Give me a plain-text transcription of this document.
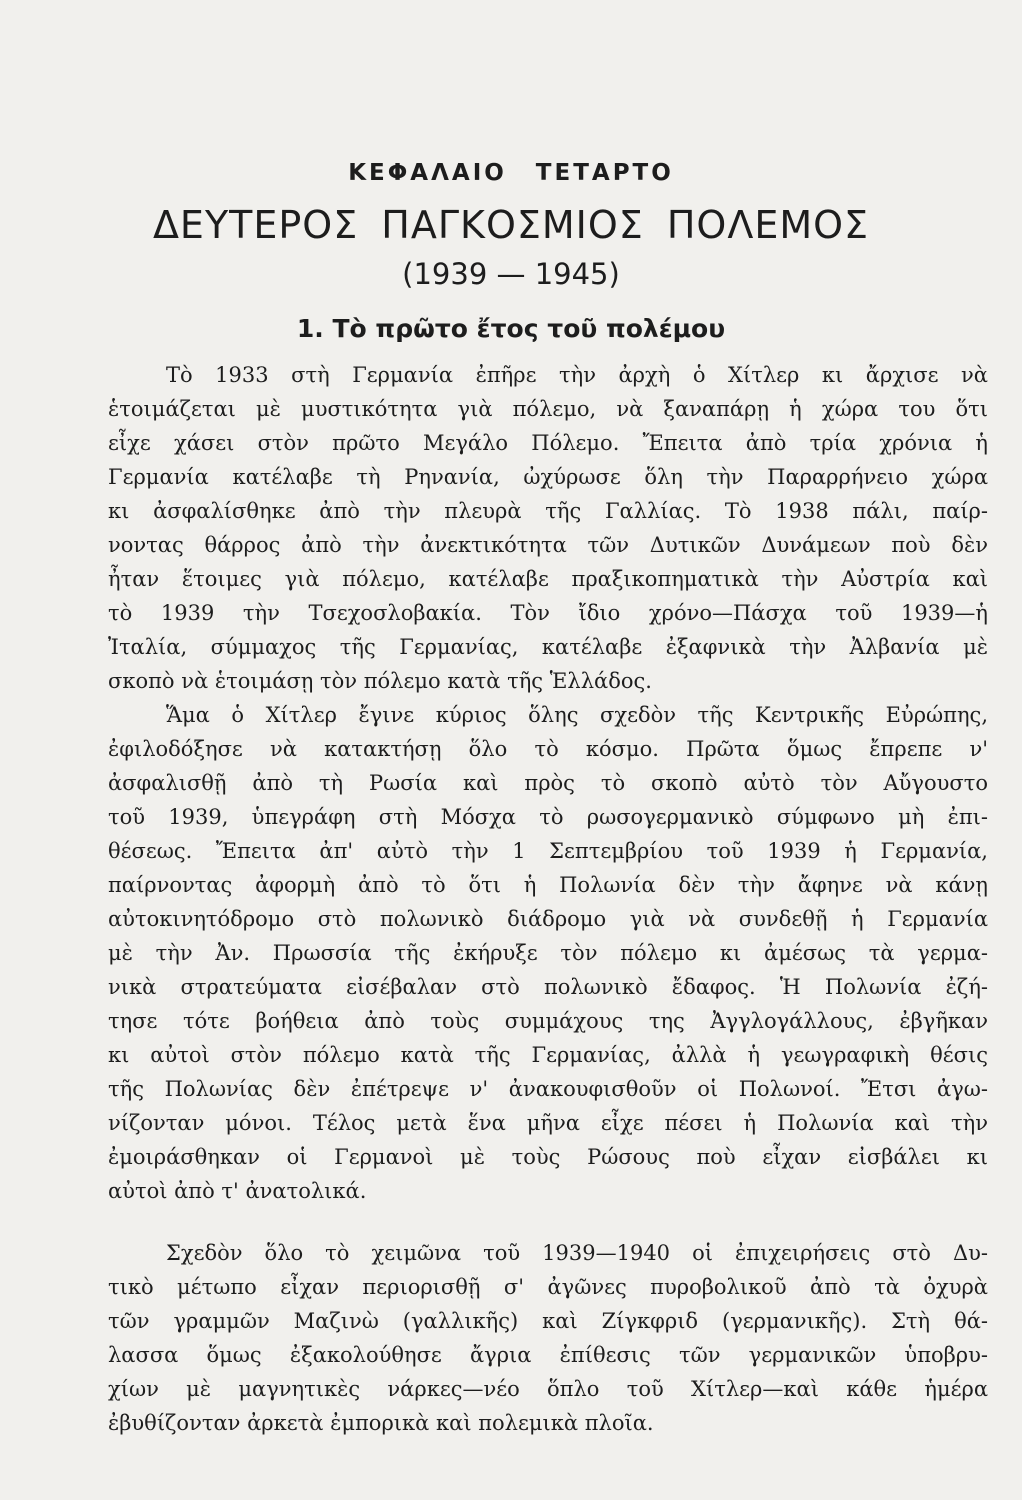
ΚΕΦΑΛΑΙΟ ΤΕΤΑΡΤΟ
ΔΕΥΤΕΡΟΣ ΠΑΓΚΟΣΜΙΟΣ ΠΟΛΕΜΟΣ
(1939 — 1945)
1. Τὸ πρῶτο ἔτος τοῦ πολέμου
Τὸ 1933 στὴ Γερμανία ἐπῆρε τὴν ἀρχὴ ὁ Χίτλερ κι ἄρχισε νὰ
ἑτοιμάζεται μὲ μυστικότητα γιὰ πόλεμο, νὰ ξαναπάρῃ ἡ χώρα του ὅτι
εἶχε χάσει στὸν πρῶτο Μεγάλο Πόλεμο. Ἔπειτα ἀπὸ τρία χρόνια ἡ
Γερμανία κατέλαβε τὴ Ρηνανία, ὠχύρωσε ὅλη τὴν Παραρρήνειο χώρα
κι ἀσφαλίσθηκε ἀπὸ τὴν πλευρὰ τῆς Γαλλίας. Τὸ 1938 πάλι, παίρ-
νοντας θάρρος ἀπὸ τὴν ἀνεκτικότητα τῶν Δυτικῶν Δυνάμεων ποὺ δὲν
ἦταν ἕτοιμες γιὰ πόλεμο, κατέλαβε πραξικοπηματικὰ τὴν Αὐστρία καὶ
τὸ 1939 τὴν Τσεχοσλοβακία. Τὸν ἴδιο χρόνο—Πάσχα τοῦ 1939—ἡ
Ἰταλία, σύμμαχος τῆς Γερμανίας, κατέλαβε ἐξαφνικὰ τὴν Ἀλβανία μὲ
σκοπὸ νὰ ἑτοιμάσῃ τὸν πόλεμο κατὰ τῆς Ἑλλάδος.
Ἅμα ὁ Χίτλερ ἔγινε κύριος ὅλης σχεδὸν τῆς Κεντρικῆς Εὐρώπης,
ἐφιλοδόξησε νὰ κατακτήσῃ ὅλο τὸ κόσμο. Πρῶτα ὅμως ἔπρεπε ν'
ἀσφαλισθῇ ἀπὸ τὴ Ρωσία καὶ πρὸς τὸ σκοπὸ αὐτὸ τὸν Αὔγουστο
τοῦ 1939, ὑπεγράφη στὴ Μόσχα τὸ ρωσογερμανικὸ σύμφωνο μὴ ἐπι-
θέσεως. Ἔπειτα ἀπ' αὐτὸ τὴν 1 Σεπτεμβρίου τοῦ 1939 ἡ Γερμανία,
παίρνοντας ἀφορμὴ ἀπὸ τὸ ὅτι ἡ Πολωνία δὲν τὴν ἄφηνε νὰ κάνῃ
αὐτοκινητόδρομο στὸ πολωνικὸ διάδρομο γιὰ νὰ συνδεθῇ ἡ Γερμανία
μὲ τὴν Ἀν. Πρωσσία τῆς ἐκήρυξε τὸν πόλεμο κι ἀμέσως τὰ γερμα-
νικὰ στρατεύματα εἰσέβαλαν στὸ πολωνικὸ ἔδαφος. Ἡ Πολωνία ἐζή-
τησε τότε βοήθεια ἀπὸ τοὺς συμμάχους της Ἀγγλογάλλους, ἐβγῆκαν
κι αὐτοὶ στὸν πόλεμο κατὰ τῆς Γερμανίας, ἀλλὰ ἡ γεωγραφικὴ θέσις
τῆς Πολωνίας δὲν ἐπέτρεψε ν' ἀνακουφισθοῦν οἱ Πολωνοί. Ἔτσι ἀγω-
νίζονταν μόνοι. Τέλος μετὰ ἕνα μῆνα εἶχε πέσει ἡ Πολωνία καὶ τὴν
ἐμοιράσθηκαν οἱ Γερμανοὶ μὲ τοὺς Ρώσους ποὺ εἶχαν εἰσβάλει κι
αὐτοὶ ἀπὸ τ' ἀνατολικά.
Σχεδὸν ὅλο τὸ χειμῶνα τοῦ 1939—1940 οἱ ἐπιχειρήσεις στὸ Δυ-
τικὸ μέτωπο εἶχαν περιορισθῇ σ' ἀγῶνες πυροβολικοῦ ἀπὸ τὰ ὀχυρὰ
τῶν γραμμῶν Μαζινὼ (γαλλικῆς) καὶ Ζίγκφριδ (γερμανικῆς). Στὴ θά-
λασσα ὅμως ἐξακολούθησε ἄγρια ἐπίθεσις τῶν γερμανικῶν ὑποβρυ-
χίων μὲ μαγνητικὲς νάρκες—νέο ὅπλο τοῦ Χίτλερ—καὶ κάθε ἡμέρα
ἐβυθίζονταν ἀρκετὰ ἐμπορικὰ καὶ πολεμικὰ πλοῖα.
